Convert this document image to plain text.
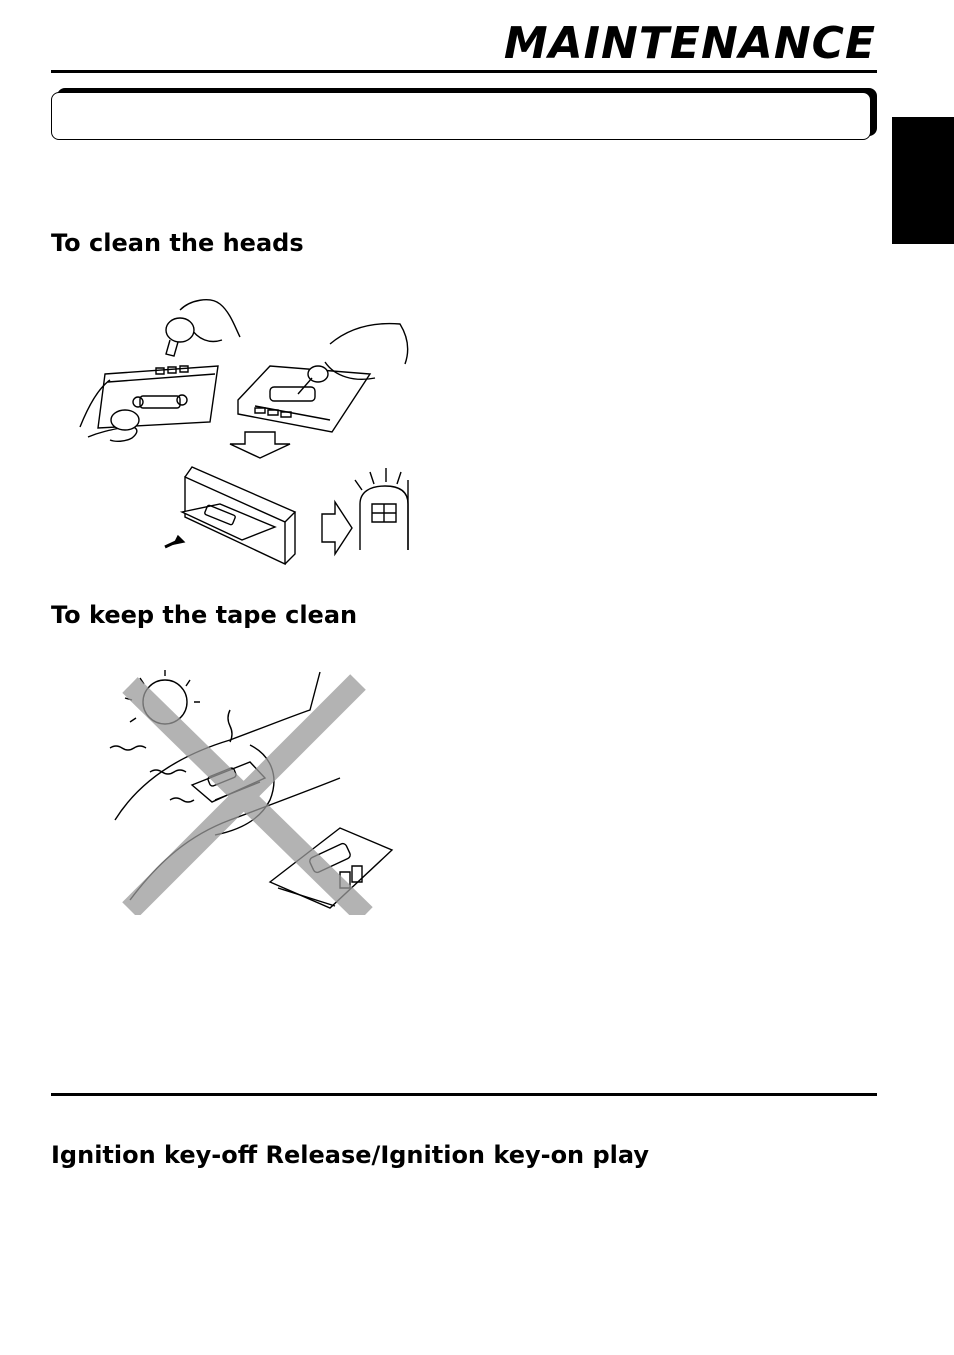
MAINTENANCE
To clean the heads
To keep the tape clean
Ignition key-off Release/Ignition key-on play
